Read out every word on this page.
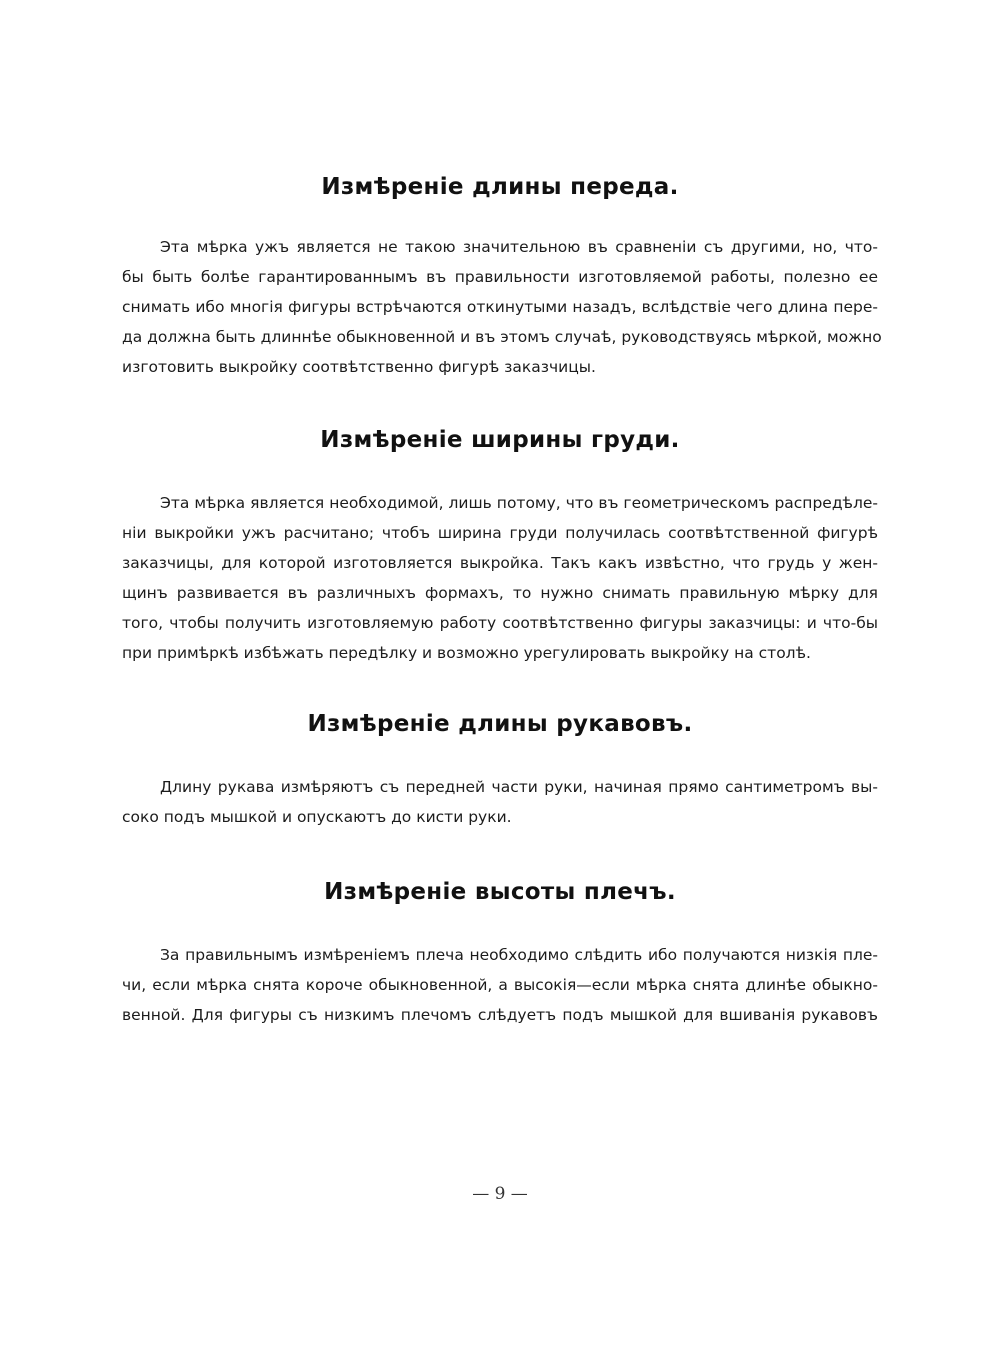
Измѣреніе длины переда.

Эта мѣрка ужъ является не такою значительною въ сравненіи съ другими, но, что-
бы быть болѣе гарантированнымъ въ правильности изготовляемой работы, полезно ее
снимать ибо многія фигуры встрѣчаются откинутыми назадъ, вслѣдствіе чего длина пере-
да должна быть длиннѣе обыкновенной и въ этомъ случаѣ, руководствуясь мѣркой, можно
изготовить выкройку соотвѣтственно фигурѣ заказчицы.

Измѣреніе ширины груди.

Эта мѣрка является необходимой, лишь потому, что въ геометрическомъ распредѣле-
ніи выкройки ужъ расчитано; чтобъ ширина груди получилась соотвѣтственной фигурѣ
заказчицы, для которой изготовляется выкройка. Такъ какъ извѣстно, что грудь у жен-
щинъ развивается въ различныхъ формахъ, то нужно снимать правильную мѣрку для
того, чтобы получить изготовляемую работу соотвѣтственно фигуры заказчицы: и что-бы
при примѣркѣ избѣжать передѣлку и возможно урегулировать выкройку на столѣ.

Измѣреніе длины рукавовъ.

Длину рукава измѣряютъ съ передней части руки, начиная прямо сантиметромъ вы-
соко подъ мышкой и опускаютъ до кисти руки.

Измѣреніе высоты плечъ.

За правильнымъ измѣреніемъ плеча необходимо слѣдить ибо получаются низкія пле-
чи, если мѣрка снята короче обыкновенной, а высокія—если мѣрка снята длинѣе обыкно-
венной. Для фигуры съ низкимъ плечомъ слѣдуетъ подъ мышкой для вшиванія рукавовъ

— 9 —
